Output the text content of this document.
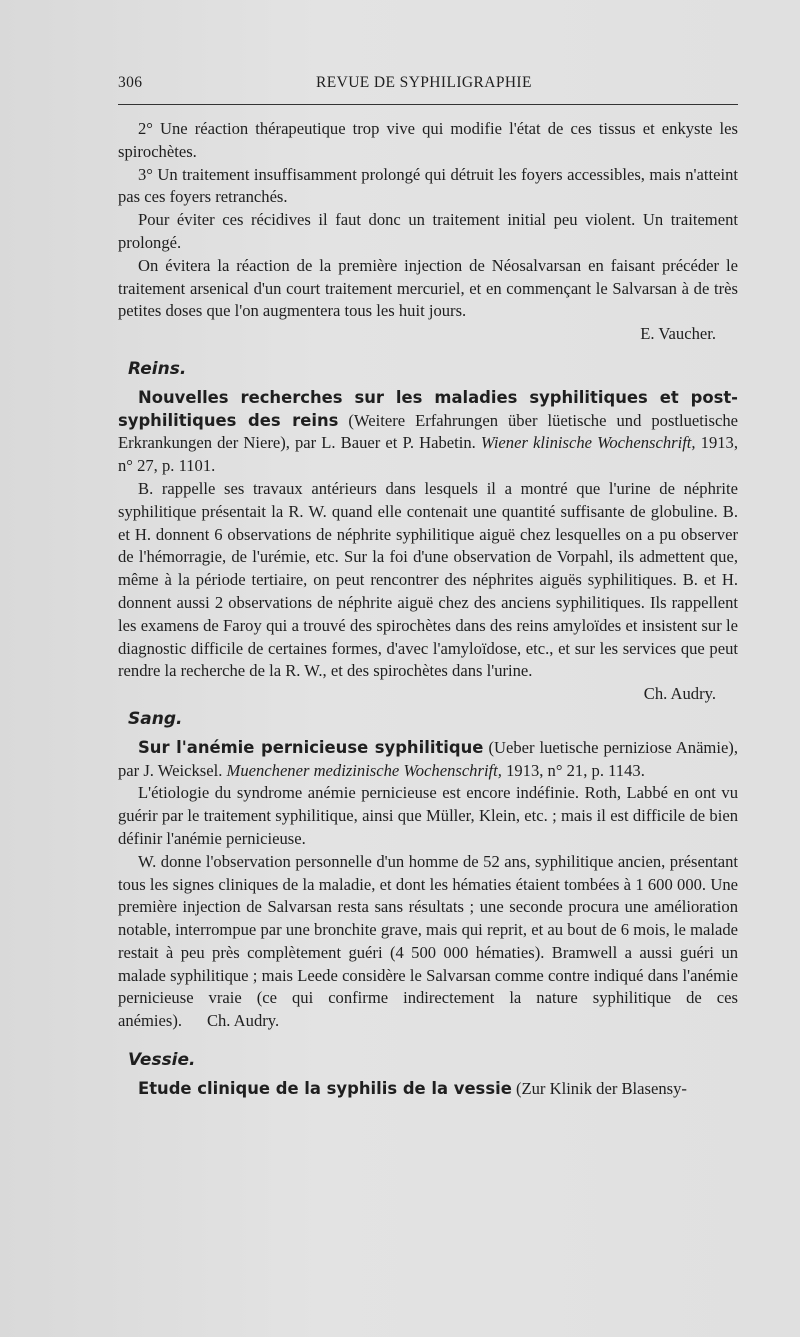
306	REVUE DE SYPHILIGRAPHIE

2° Une réaction thérapeutique trop vive qui modifie l'état de ces tissus et enkyste les spirochètes.

3° Un traitement insuffisamment prolongé qui détruit les foyers accessibles, mais n'atteint pas ces foyers retranchés.

Pour éviter ces récidives il faut donc un traitement initial peu violent. Un traitement prolongé.

On évitera la réaction de la première injection de Néosalvarsan en faisant précéder le traitement arsenical d'un court traitement mercuriel, et en commençant le Salvarsan à de très petites doses que l'on augmentera tous les huit jours.

E. Vaucher.
Reins.

Nouvelles recherches sur les maladies syphilitiques et post-syphilitiques des reins (Weitere Erfahrungen über lüetische und postluetische Erkrankungen der Niere), par L. Bauer et P. Habetin. Wiener klinische Wochenschrift, 1913, n° 27, p. 1101.

B. rappelle ses travaux antérieurs dans lesquels il a montré que l'urine de néphrite syphilitique présentait la R. W. quand elle contenait une quantité suffisante de globuline. B. et H. donnent 6 observations de néphrite syphilitique aiguë chez lesquelles on a pu observer de l'hémorragie, de l'urémie, etc. Sur la foi d'une observation de Vorpahl, ils admettent que, même à la période tertiaire, on peut rencontrer des néphrites aiguës syphilitiques. B. et H. donnent aussi 2 observations de néphrite aiguë chez des anciens syphilitiques. Ils rappellent les examens de Faroy qui a trouvé des spirochètes dans des reins amyloïdes et insistent sur le diagnostic difficile de certaines formes, d'avec l'amyloïdose, etc., et sur les services que peut rendre la recherche de la R. W., et des spirochètes dans l'urine.

Ch. Audry.
Sang.

Sur l'anémie pernicieuse syphilitique (Ueber luetische perniziose Anämie), par J. Weicksel. Muenchener medizinische Wochenschrift, 1913, n° 21, p. 1143.

L'étiologie du syndrome anémie pernicieuse est encore indéfinie. Roth, Labbé en ont vu guérir par le traitement syphilitique, ainsi que Müller, Klein, etc. ; mais il est difficile de bien définir l'anémie pernicieuse.

W. donne l'observation personnelle d'un homme de 52 ans, syphilitique ancien, présentant tous les signes cliniques de la maladie, et dont les hématies étaient tombées à 1 600 000. Une première injection de Salvarsan resta sans résultats ; une seconde procura une amélioration notable, interrompue par une bronchite grave, mais qui reprit, et au bout de 6 mois, le malade restait à peu près complètement guéri (4 500 000 hématies). Bramwell a aussi guéri un malade syphilitique ; mais Leede considère le Salvarsan comme contre indiqué dans l'anémie pernicieuse vraie (ce qui confirme indirectement la nature syphilitique de ces anémies). Ch. Audry.

Vessie.

Etude clinique de la syphilis de la vessie (Zur Klinik der Blasensy-
